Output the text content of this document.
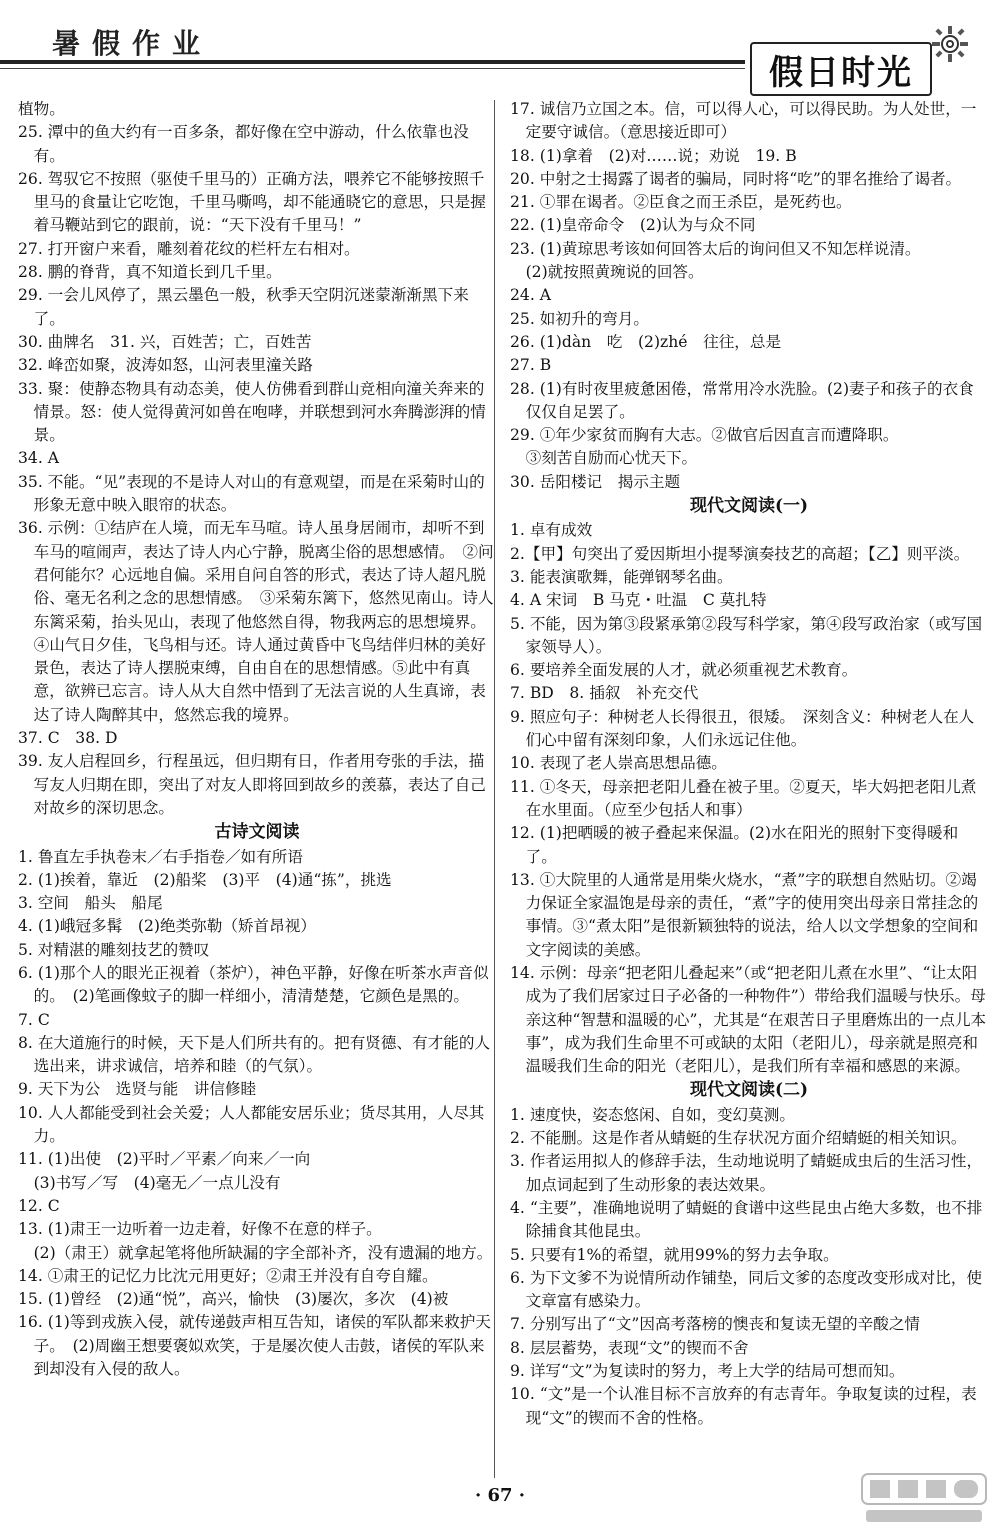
暑假作业
假日时光
植物。
25. 潭中的鱼大约有一百多条，都好像在空中游动，什么依靠也没有。
26. 驾驭它不按照（驱使千里马的）正确方法，喂养它不能够按照千里马的食量让它吃饱，千里马嘶鸣，却不能通晓它的意思，只是握着马鞭站到它的跟前，说：“天下没有千里马！”
27. 打开窗户来看，雕刻着花纹的栏杆左右相对。
28. 鹏的脊背，真不知道长到几千里。
29. 一会儿风停了，黑云墨色一般，秋季天空阴沉迷蒙渐渐黑下来了。
30. 曲牌名　31. 兴，百姓苦；亡，百姓苦
32. 峰峦如聚，波涛如怒，山河表里潼关路
33. 聚：使静态物具有动态美，使人仿佛看到群山竞相向潼关奔来的情景。怒：使人觉得黄河如兽在咆哮，并联想到河水奔腾澎湃的情景。
34. A
35. 不能。“见”表现的不是诗人对山的有意观望，而是在采菊时山的形象无意中映入眼帘的状态。
36. 示例：①结庐在人境，而无车马喧。诗人虽身居闹市，却听不到车马的喧闹声，表达了诗人内心宁静，脱离尘俗的思想感情。　②问君何能尔？心远地自偏。采用自问自答的形式，表达了诗人超凡脱俗、毫无名利之念的思想情感。　③采菊东篱下，悠然见南山。诗人东篱采菊，抬头见山，表现了他悠然自得，物我两忘的思想境界。　④山气日夕佳，飞鸟相与还。诗人通过黄昏中飞鸟结伴归林的美好景色，表达了诗人摆脱束缚，自由自在的思想情感。⑤此中有真意，欲辨已忘言。诗人从大自然中悟到了无法言说的人生真谛，表达了诗人陶醉其中，悠然忘我的境界。
37. C　38. D
39. 友人启程回乡，行程虽远，但归期有日，作者用夸张的手法，描写友人归期在即，突出了对友人即将回到故乡的羡慕，表达了自己对故乡的深切思念。
古诗文阅读
1. 鲁直左手执卷末／右手指卷／如有所语
2. (1)挨着，靠近　(2)船桨　(3)平　(4)通“拣”，挑选
3. 空间　船头　船尾
4. (1)峨冠多髯　(2)绝类弥勒（矫首昂视）
5. 对精湛的雕刻技艺的赞叹
6. (1)那个人的眼光正视着（茶炉），神色平静，好像在听茶水声音似的。　(2)笔画像蚊子的脚一样细小，清清楚楚，它颜色是黑的。
7. C
8. 在大道施行的时候，天下是人们所共有的。把有贤德、有才能的人选出来，讲求诚信，培养和睦（的气氛）。
9. 天下为公　选贤与能　讲信修睦
10. 人人都能受到社会关爱；人人都能安居乐业；货尽其用，人尽其力。
11. (1)出使　(2)平时／平素／向来／一向
　(3)书写／写　(4)毫无／一点儿没有
12. C
13. (1)肃王一边听着一边走着，好像不在意的样子。
　(2)（肃王）就拿起笔将他所缺漏的字全部补齐，没有遗漏的地方。
14. ①肃王的记忆力比沈元用更好；②肃王并没有自夸自耀。
15. (1)曾经　(2)通“悦”，高兴，愉快　(3)屡次，多次　(4)被
16. (1)等到戎族入侵，就传递鼓声相互告知，诸侯的军队都来救护天子。　(2)周幽王想要褒姒欢笑，于是屡次使人击鼓，诸侯的军队来到却没有入侵的敌人。
17. 诚信乃立国之本。信，可以得人心，可以得民助。为人处世，一定要守诚信。（意思接近即可）
18. (1)拿着　(2)对……说；劝说　19. B
20. 中射之士揭露了谒者的骗局，同时将“吃”的罪名推给了谒者。
21. ①罪在谒者。②臣食之而王杀臣，是死药也。
22. (1)皇帝命令　(2)认为与众不同
23. (1)黄琼思考该如何回答太后的询问但又不知怎样说清。
　(2)就按照黄琬说的回答。
24. A
25. 如初升的弯月。
26. (1)dàn　吃　(2)zhé　往往，总是
27. B
28. (1)有时夜里疲惫困倦，常常用冷水洗脸。(2)妻子和孩子的衣食仅仅自足罢了。
29. ①年少家贫而胸有大志。②做官后因直言而遭降职。
　③刻苦自励而心忧天下。
30. 岳阳楼记　揭示主题
现代文阅读(一)
1. 卓有成效
2.【甲】句突出了爱因斯坦小提琴演奏技艺的高超；【乙】则平淡。
3. 能表演歌舞，能弹钢琴名曲。
4. A 宋词　B 马克・吐温　C 莫扎特
5. 不能，因为第③段紧承第②段写科学家，第④段写政治家（或写国家领导人）。
6. 要培养全面发展的人才，就必须重视艺术教育。
7. BD　8. 插叙　补充交代
9. 照应句子：种树老人长得很丑，很矮。　深刻含义：种树老人在人们心中留有深刻印象，人们永远记住他。
10. 表现了老人崇高思想品德。
11. ①冬天，母亲把老阳儿叠在被子里。②夏天，毕大妈把老阳儿煮在水里面。（应至少包括人和事）
12. (1)把晒暖的被子叠起来保温。(2)水在阳光的照射下变得暖和了。
13. ①大院里的人通常是用柴火烧水，“煮”字的联想自然贴切。②竭力保证全家温饱是母亲的责任，“煮”字的使用突出母亲日常挂念的事情。③“煮太阳”是很新颖独特的说法，给人以文学想象的空间和文字阅读的美感。
14. 示例：母亲“把老阳儿叠起来”（或“把老阳儿煮在水里”、“让太阳成为了我们居家过日子必备的一种物件”）带给我们温暖与快乐。母亲这种“智慧和温暖的心”，尤其是“在艰苦日子里磨炼出的一点儿本事”，成为我们生命里不可或缺的太阳（老阳儿），母亲就是照亮和温暖我们生命的阳光（老阳儿），是我们所有幸福和感恩的来源。
现代文阅读(二)
1. 速度快，姿态悠闲、自如，变幻莫测。
2. 不能删。这是作者从蜻蜓的生存状况方面介绍蜻蜓的相关知识。
3. 作者运用拟人的修辞手法，生动地说明了蜻蜓成虫后的生活习性，加点词起到了生动形象的表达效果。
4. “主要”，准确地说明了蜻蜓的食谱中这些昆虫占绝大多数，也不排除捕食其他昆虫。
5. 只要有1%的希望，就用99%的努力去争取。
6. 为下文爹不为说情所动作铺垫，同后文爹的态度改变形成对比，使文章富有感染力。
7. 分别写出了“文”因高考落榜的懊丧和复读无望的辛酸之情
8. 层层蓄势，表现“文”的锲而不舍
9. 详写“文”为复读时的努力，考上大学的结局可想而知。
10. “文”是一个认准目标不言放弃的有志青年。争取复读的过程，表现“文”的锲而不舍的性格。
· 67 ·
